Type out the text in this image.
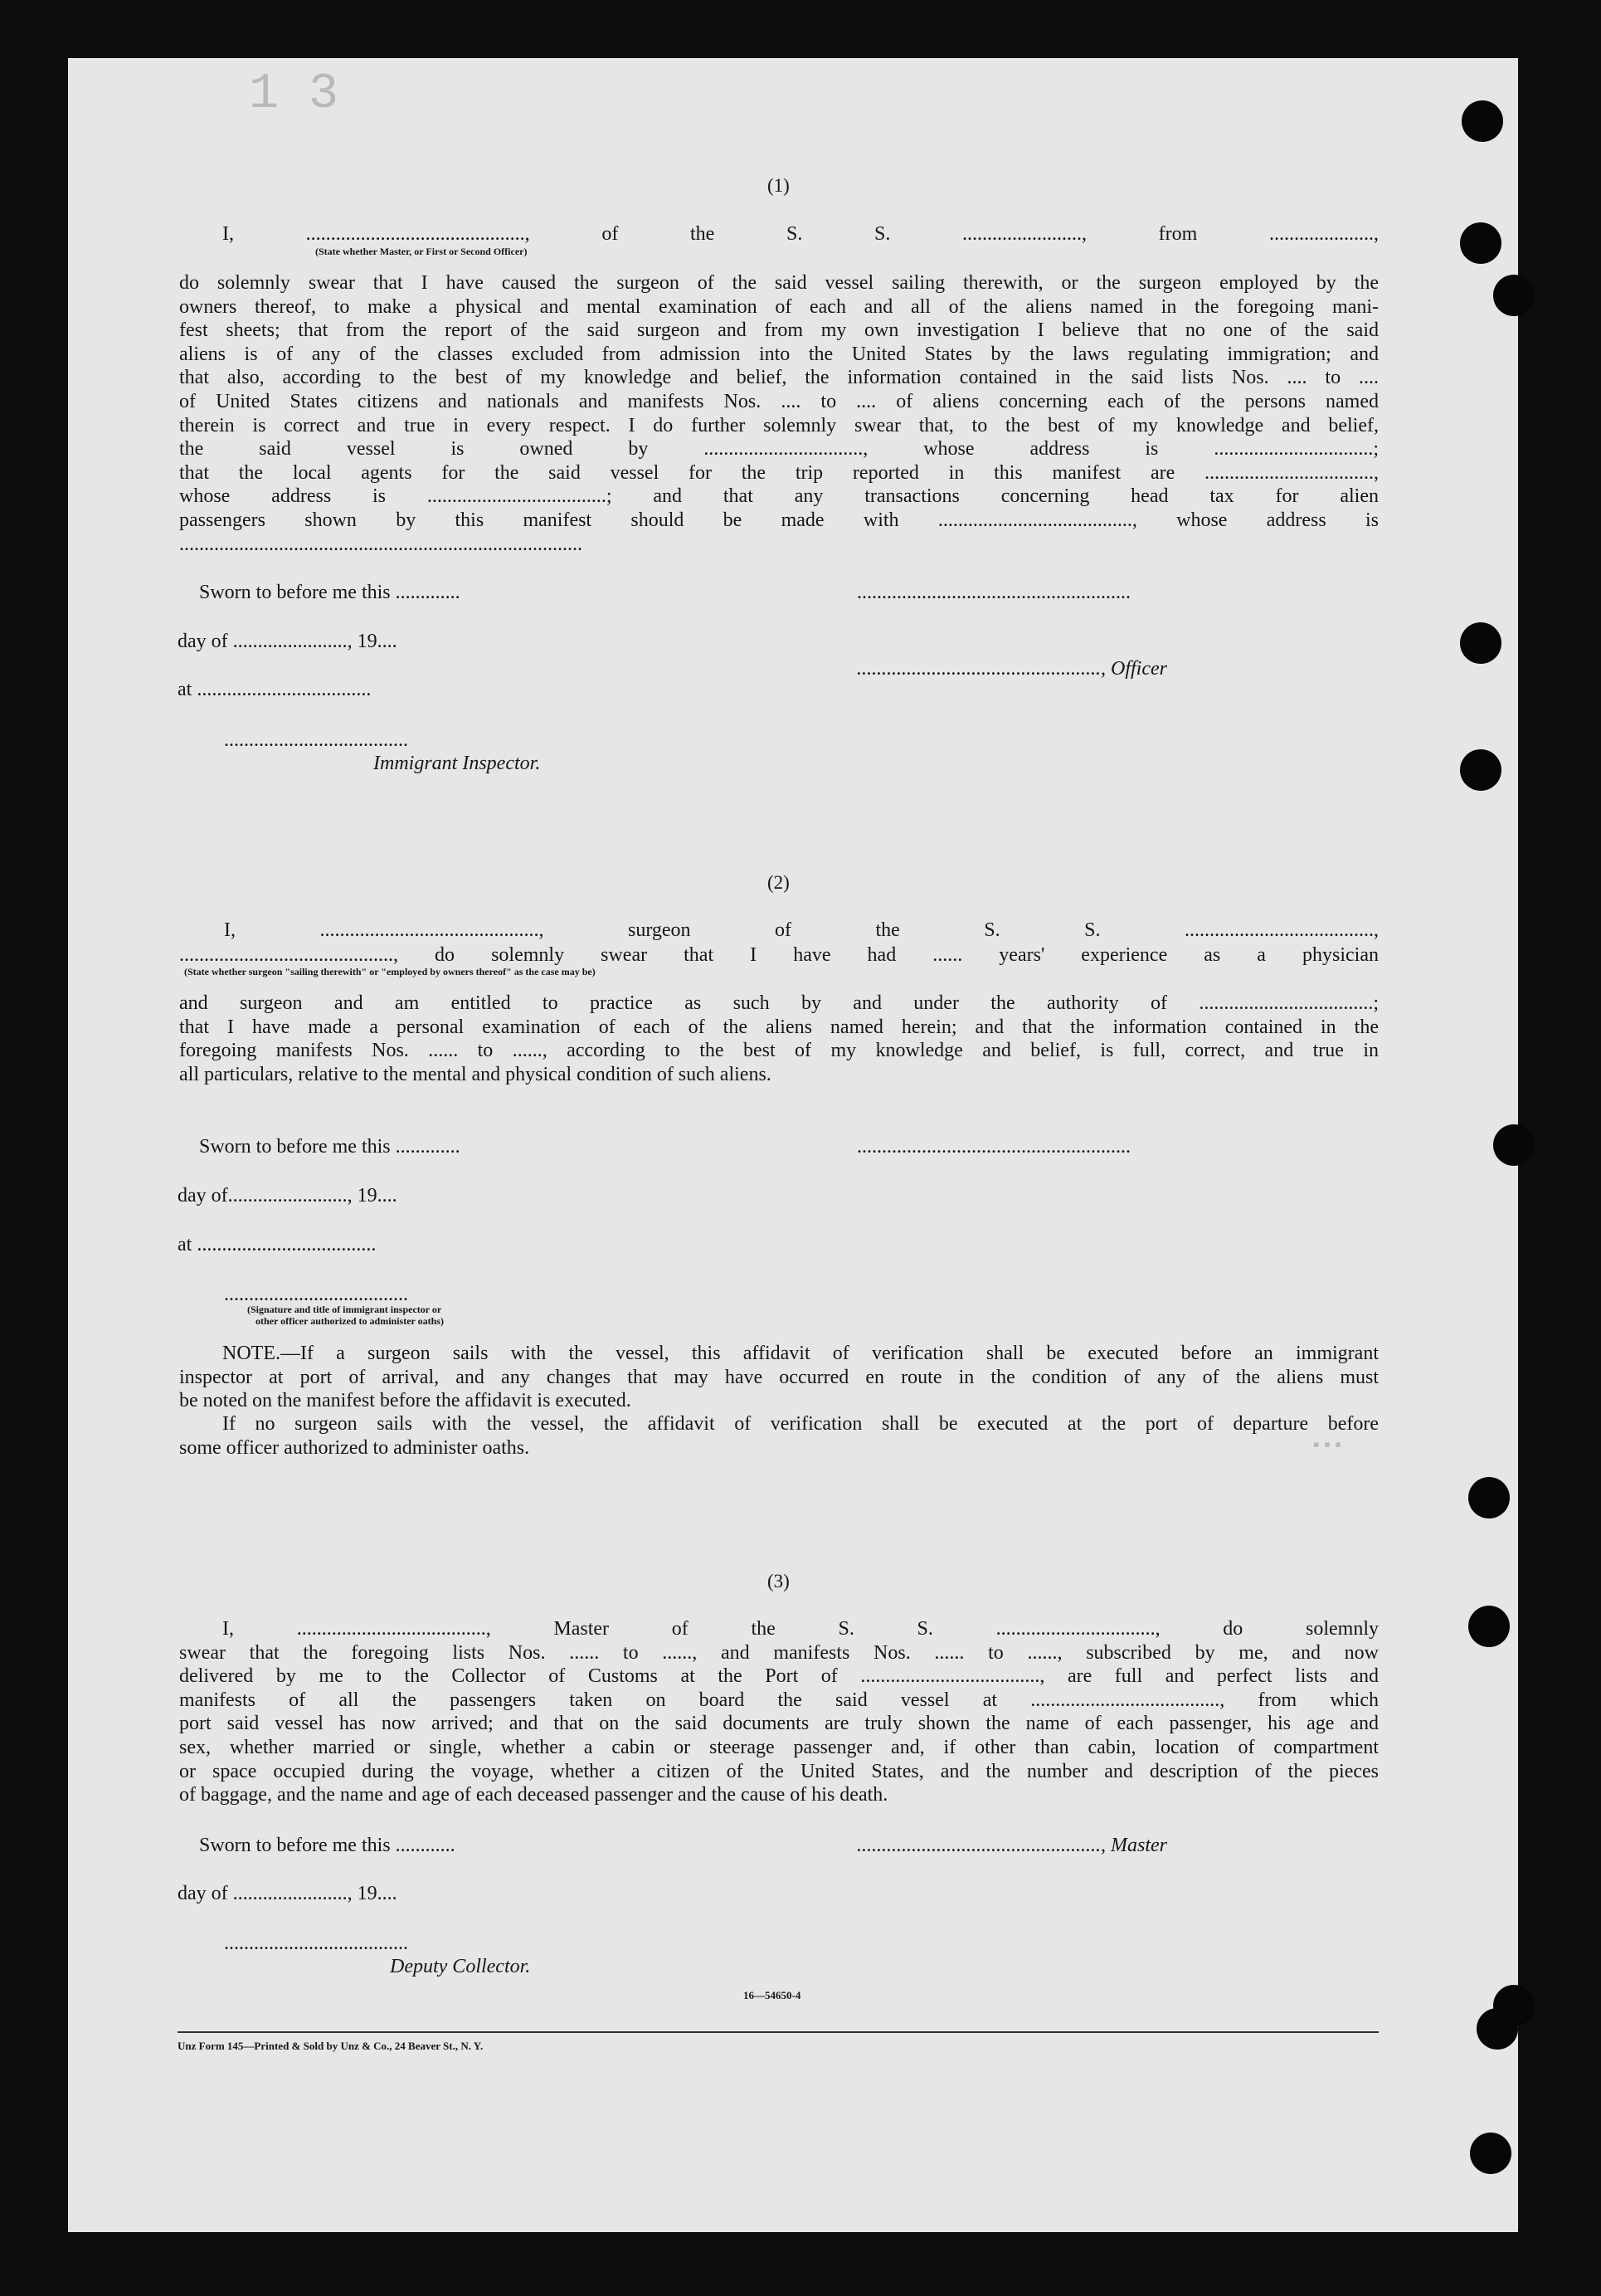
1 3
▪▪▪
(1)
I, ............................................, of the S. S. ........................, from .....................,
(State whether Master, or First or Second Officer)
do solemnly swear that I have caused the surgeon of the said vessel sailing therewith, or the surgeon employed by the
owners thereof, to make a physical and mental examination of each and all of the aliens named in the foregoing mani-
fest sheets; that from the report of the said surgeon and from my own investigation I believe that no one of the said
aliens is of any of the classes excluded from admission into the United States by the laws regulating immigration; and
that also, according to the best of my knowledge and belief, the information contained in the said lists Nos. .... to ....
of United States citizens and nationals and manifests Nos. .... to .... of aliens concerning each of the persons named
therein is correct and true in every respect. I do further solemnly swear that, to the best of my knowledge and belief,
the said vessel is owned by ................................, whose address is ................................;
that the local agents for the said vessel for the trip reported in this manifest are ..................................,
whose address is ....................................; and that any transactions concerning head tax for alien
passengers shown by this manifest should be made with ......................................., whose address is
.................................................................................
Sworn to before me this .............	.......................................................
day of ......................., 19....
................................................., Officer
at ...................................
.....................................
Immigrant Inspector.
(2)
I, ............................................, surgeon of the S. S. ......................................,
..........................................., do solemnly swear that I have had ...... years' experience as a physician
(State whether surgeon "sailing therewith" or "employed by owners thereof" as the case may be)
and surgeon and am entitled to practice as such by and under the authority of ...................................;
that I have made a personal examination of each of the aliens named herein; and that the information contained in the
foregoing manifests Nos. ...... to ......, according to the best of my knowledge and belief, is full, correct, and true in
all particulars, relative to the mental and physical condition of such aliens.
Sworn to before me this .............	.......................................................
day of........................, 19....
at ....................................
.....................................
(Signature and title of immigrant inspector or
other officer authorized to administer oaths)
NOTE.—If a surgeon sails with the vessel, this affidavit of verification shall be executed before an immigrant
inspector at port of arrival, and any changes that may have occurred en route in the condition of any of the aliens must
be noted on the manifest before the affidavit is executed.
If no surgeon sails with the vessel, the affidavit of verification shall be executed at the port of departure before
some officer authorized to administer oaths.
(3)
I, ......................................, Master of the S. S. ................................, do solemnly
swear that the foregoing lists Nos. ...... to ......, and manifests Nos. ...... to ......, subscribed by me, and now
delivered by me to the Collector of Customs at the Port of ...................................., are full and perfect lists and
manifests of all the passengers taken on board the said vessel at ......................................, from which
port said vessel has now arrived; and that on the said documents are truly shown the name of each passenger, his age and
sex, whether married or single, whether a cabin or steerage passenger and, if other than cabin, location of compartment
or space occupied during the voyage, whether a citizen of the United States, and the number and description of the pieces
of baggage, and the name and age of each deceased passenger and the cause of his death.
Sworn to before me this ............	................................................., Master
day of ......................., 19....
.....................................
Deputy Collector.
16—54650-4
Unz Form 145—Printed & Sold by Unz & Co., 24 Beaver St., N. Y.
